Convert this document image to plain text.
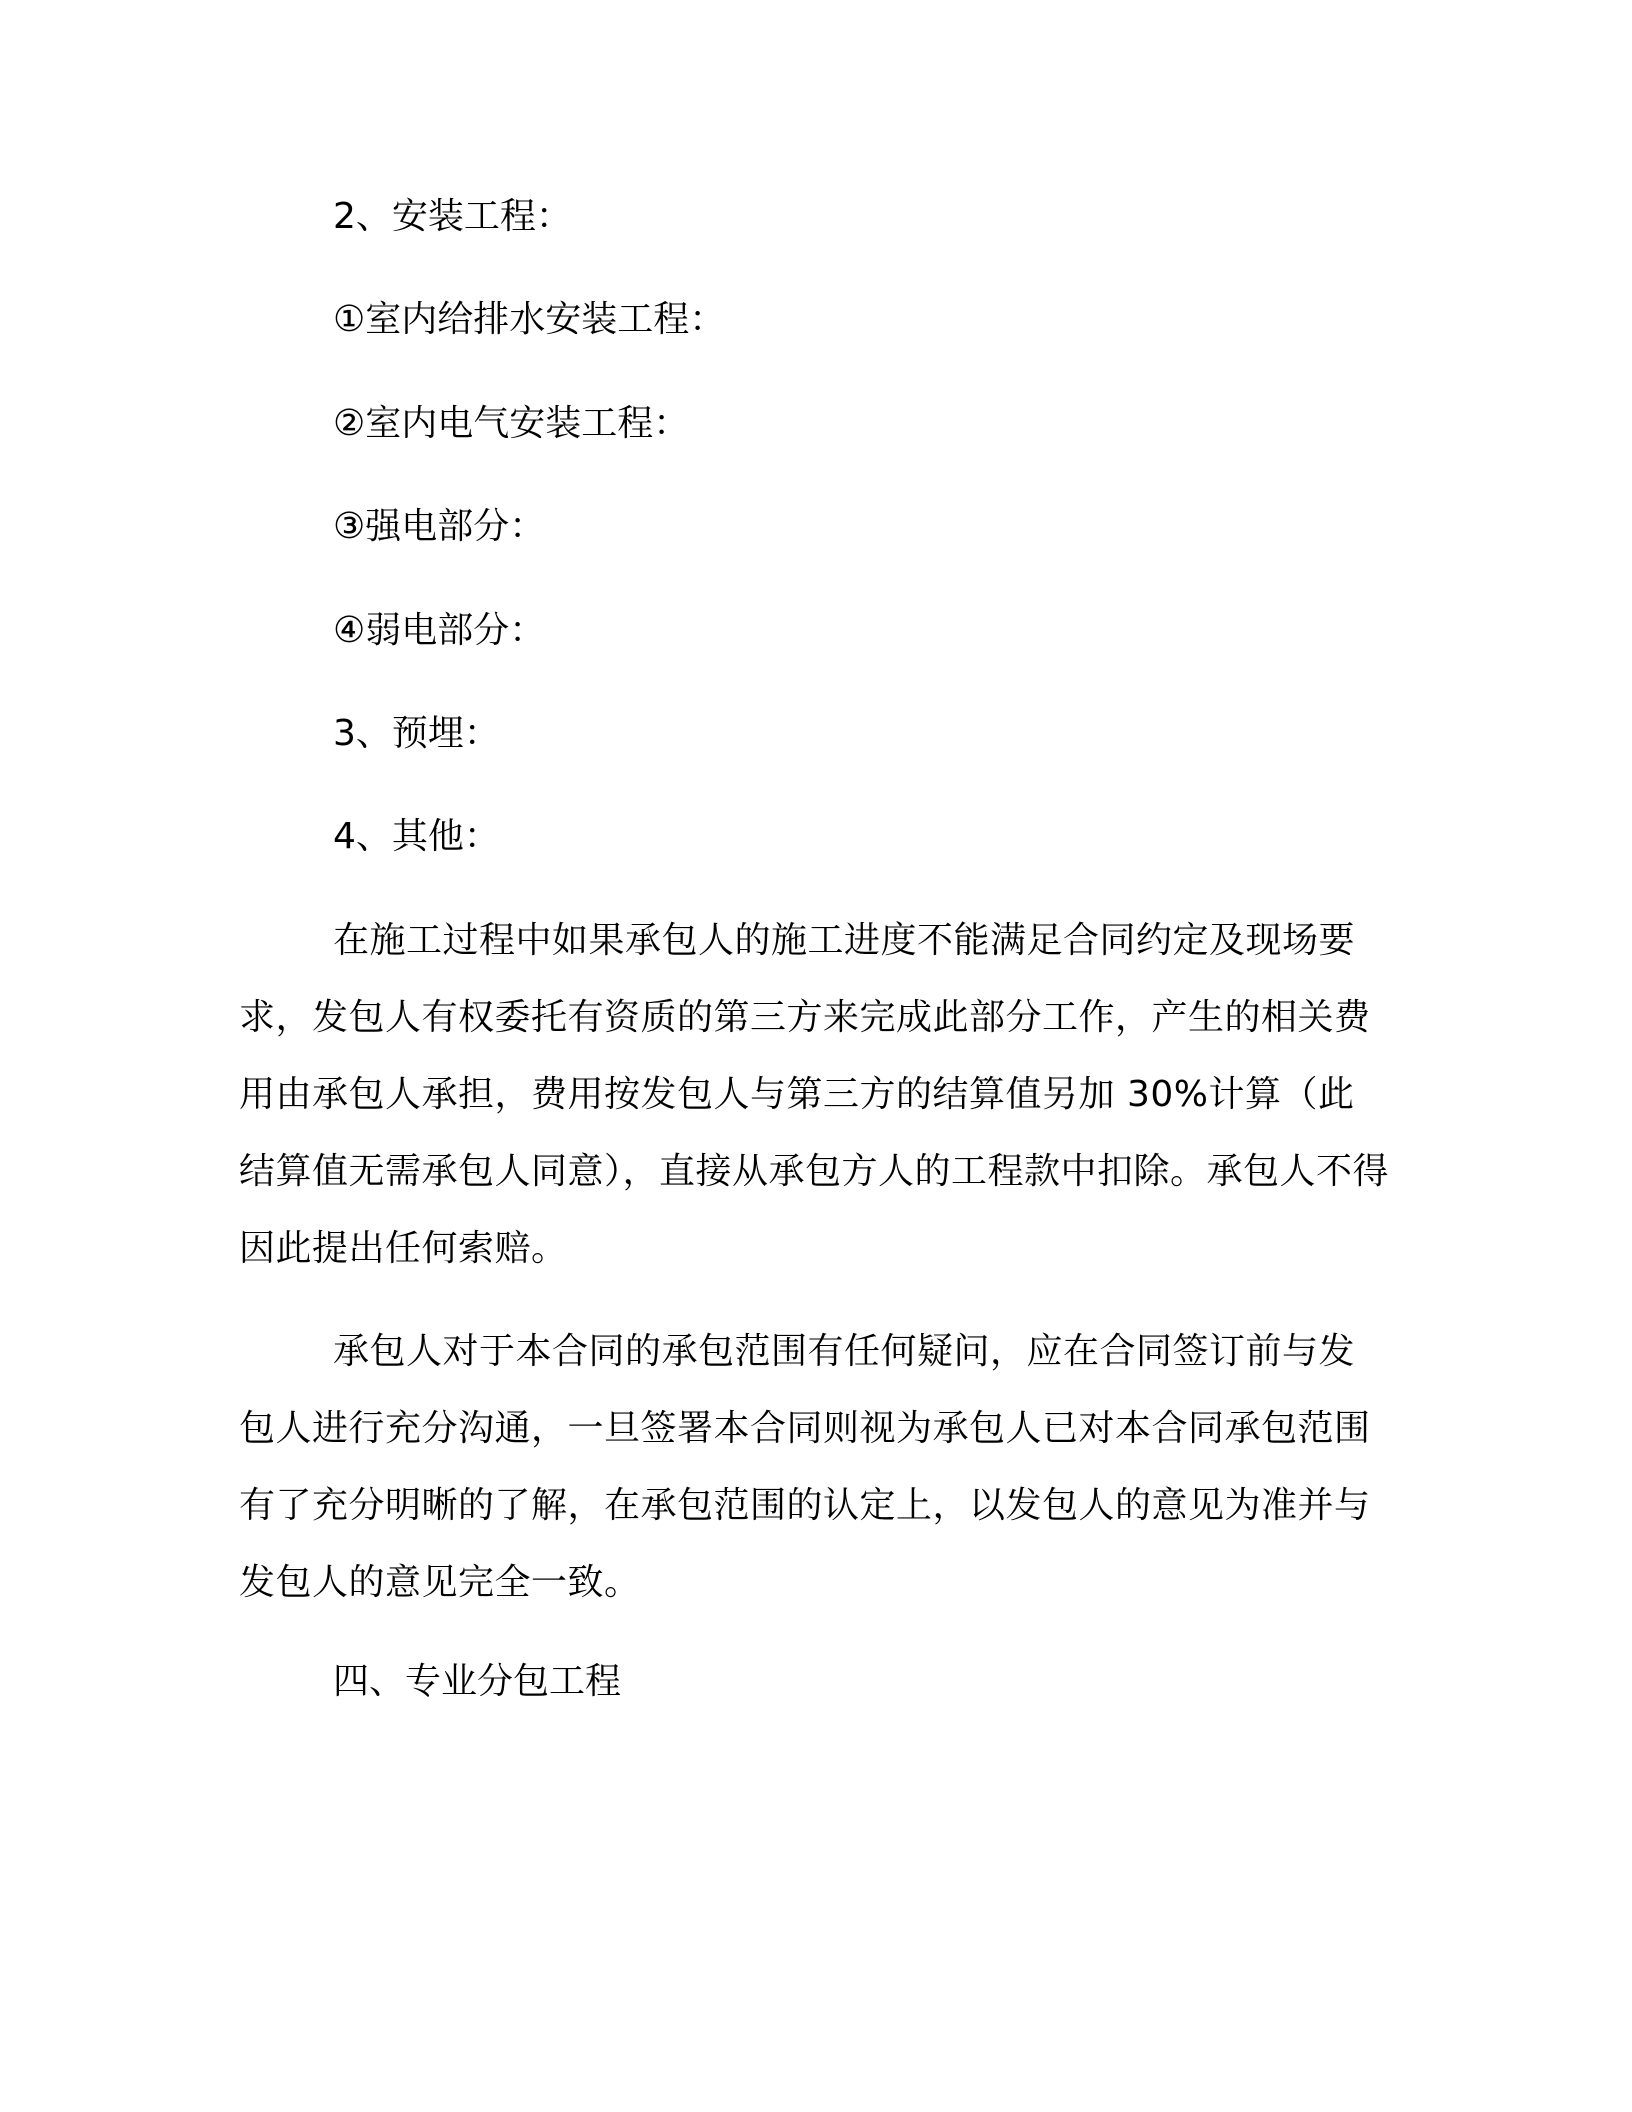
2、安装工程：

①室内给排水安装工程：

②室内电气安装工程：

③强电部分：

④弱电部分：

3、预埋：

4、其他：

在施工过程中如果承包人的施工进度不能满足合同约定及现场要求，发包人有权委托有资质的第三方来完成此部分工作，产生的相关费用由承包人承担，费用按发包人与第三方的结算值另加 30%计算（此结算值无需承包人同意），直接从承包方人的工程款中扣除。承包人不得因此提出任何索赔。

承包人对于本合同的承包范围有任何疑问，应在合同签订前与发包人进行充分沟通，一旦签署本合同则视为承包人已对本合同承包范围有了充分明晰的了解，在承包范围的认定上，以发包人的意见为准并与发包人的意见完全一致。

四、专业分包工程
